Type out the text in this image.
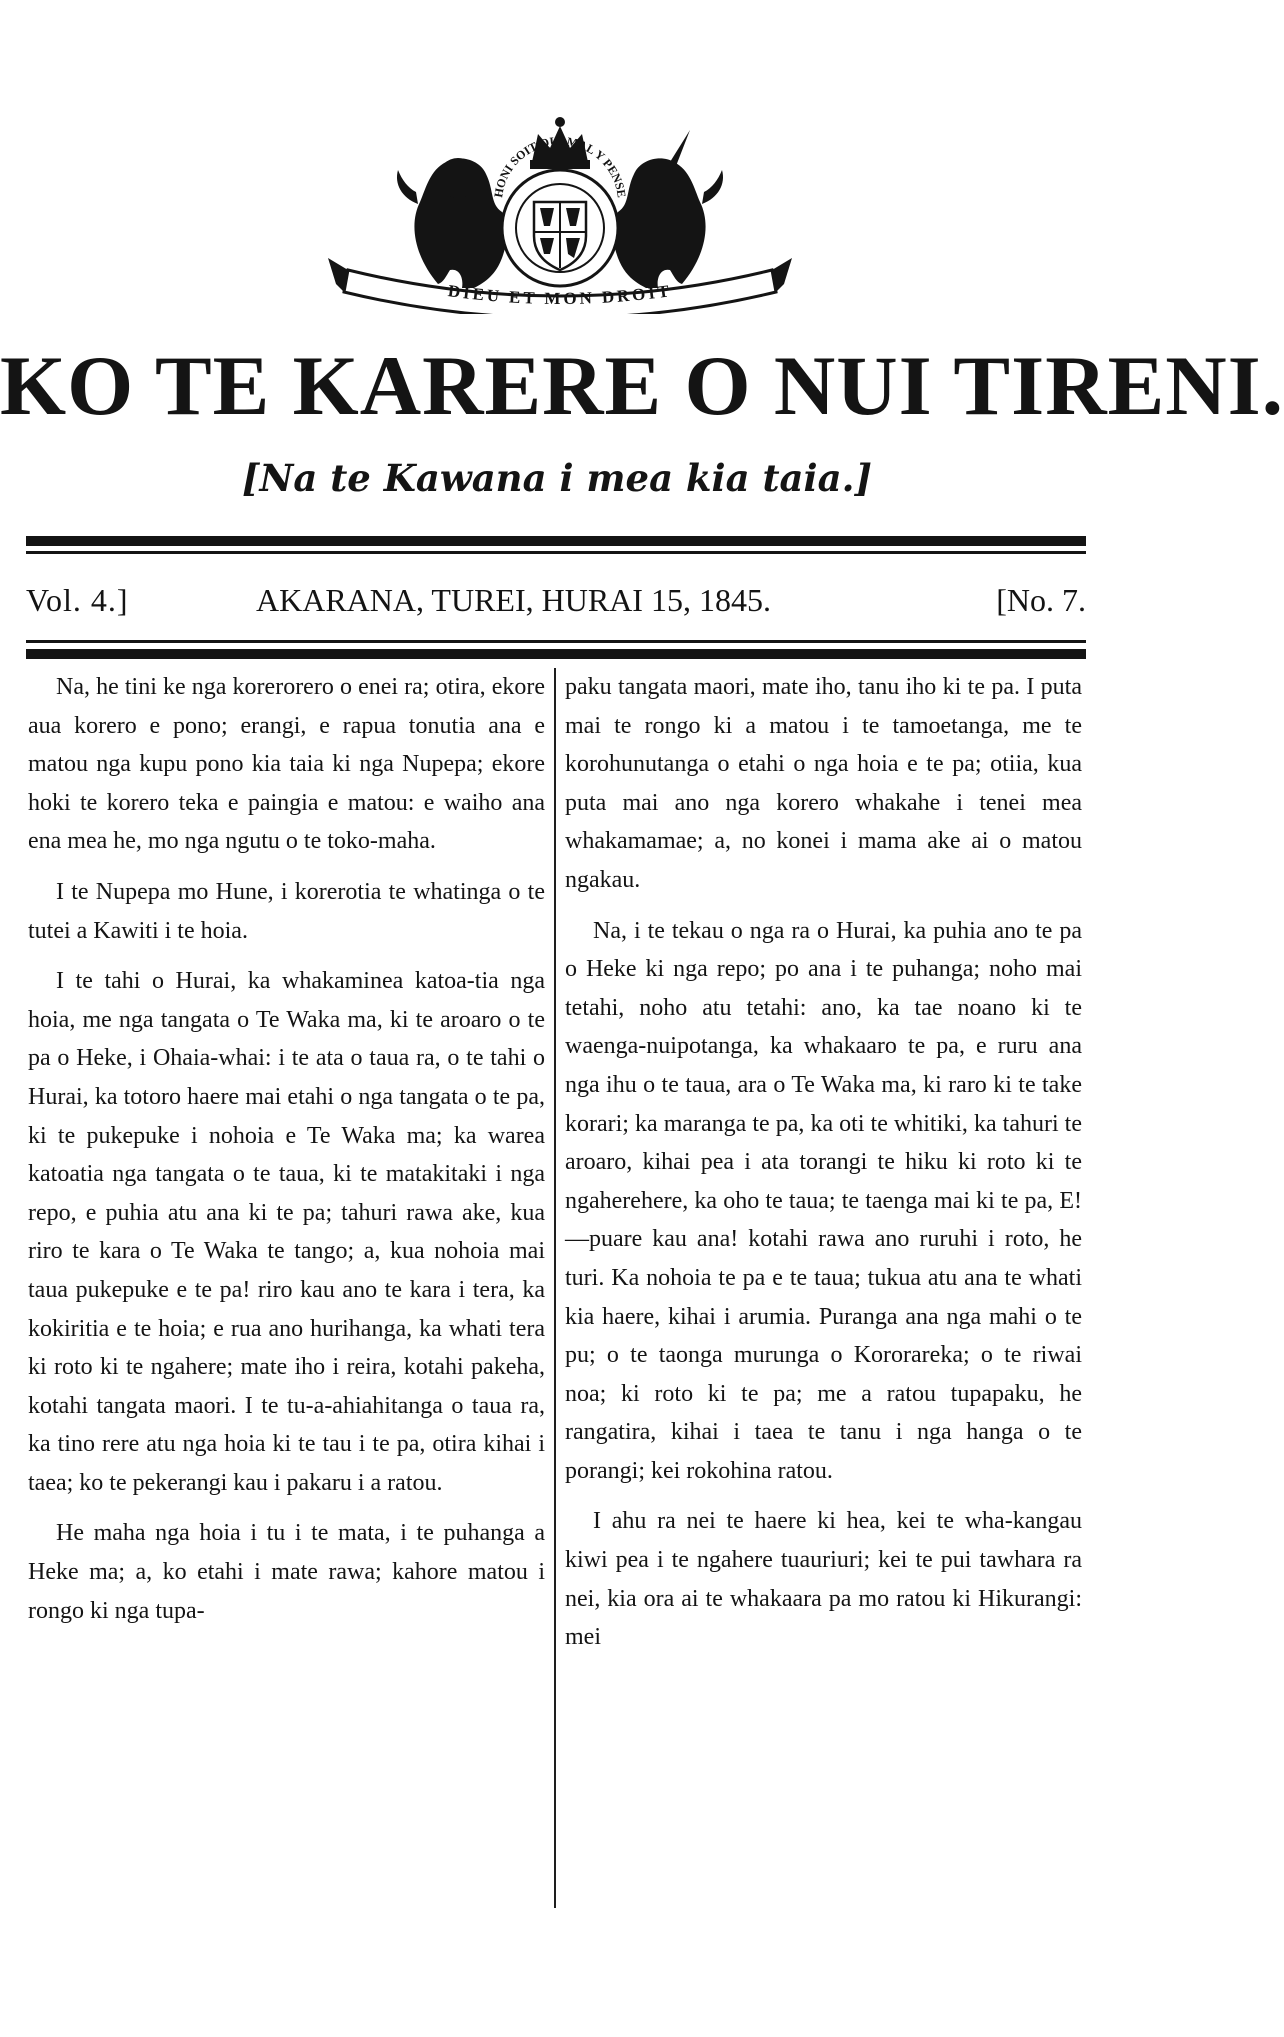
HONI SOIT QUI MAL Y PENSE
DIEU ET MON DROIT
KO TE KARERE O NUI TIRENI.
[Na te Kawana i mea kia taia.]
Vol. 4.]	AKARANA, TUREI, HURAI 15, 1845.	[No. 7.

Na, he tini ke nga korerorero o enei ra; otira, ekore aua korero e pono; erangi, e rapua tonutia ana e matou nga kupu pono kia taia ki nga Nupepa; ekore hoki te korero teka e paingia e matou: e waiho ana ena mea he, mo nga ngutu o te toko-maha.

I te Nupepa mo Hune, i korerotia te whatinga o te tutei a Kawiti i te hoia.

I te tahi o Hurai, ka whakaminea katoa-tia nga hoia, me nga tangata o Te Waka ma, ki te aroaro o te pa o Heke, i Ohaia-whai: i te ata o taua ra, o te tahi o Hurai, ka totoro haere mai etahi o nga tangata o te pa, ki te pukepuke i nohoia e Te Waka ma; ka warea katoatia nga tangata o te taua, ki te matakitaki i nga repo, e puhia atu ana ki te pa; tahuri rawa ake, kua riro te kara o Te Waka te tango; a, kua nohoia mai taua pukepuke e te pa! riro kau ano te kara i tera, ka kokiritia e te hoia; e rua ano hurihanga, ka whati tera ki roto ki te ngahere; mate iho i reira, kotahi pakeha, kotahi tangata maori. I te tu-a-ahiahitanga o taua ra, ka tino rere atu nga hoia ki te tau i te pa, otira kihai i taea; ko te pekerangi kau i pakaru i a ratou.

He maha nga hoia i tu i te mata, i te puhanga a Heke ma; a, ko etahi i mate rawa; kahore matou i rongo ki nga tupa-

paku tangata maori, mate iho, tanu iho ki te pa. I puta mai te rongo ki a matou i te tamoetanga, me te korohunutanga o etahi o nga hoia e te pa; otiia, kua puta mai ano nga korero whakahe i tenei mea whakamamae; a, no konei i mama ake ai o matou ngakau.

Na, i te tekau o nga ra o Hurai, ka puhia ano te pa o Heke ki nga repo; po ana i te puhanga; noho mai tetahi, noho atu tetahi: ano, ka tae noano ki te waenga-nuipotanga, ka whakaaro te pa, e ruru ana nga ihu o te taua, ara o Te Waka ma, ki raro ki te take korari; ka maranga te pa, ka oti te whitiki, ka tahuri te aroaro, kihai pea i ata torangi te hiku ki roto ki te ngaherehere, ka oho te taua; te taenga mai ki te pa, E!—puare kau ana! kotahi rawa ano ruruhi i roto, he turi. Ka nohoia te pa e te taua; tukua atu ana te whati kia haere, kihai i arumia. Puranga ana nga mahi o te pu; o te taonga murunga o Kororareka; o te riwai noa; ki roto ki te pa; me a ratou tupapaku, he rangatira, kihai i taea te tanu i nga hanga o te porangi; kei rokohina ratou.

I ahu ra nei te haere ki hea, kei te wha-kangau kiwi pea i te ngahere tuauriuri; kei te pui tawhara ra nei, kia ora ai te whakaara pa mo ratou ki Hikurangi: mei
